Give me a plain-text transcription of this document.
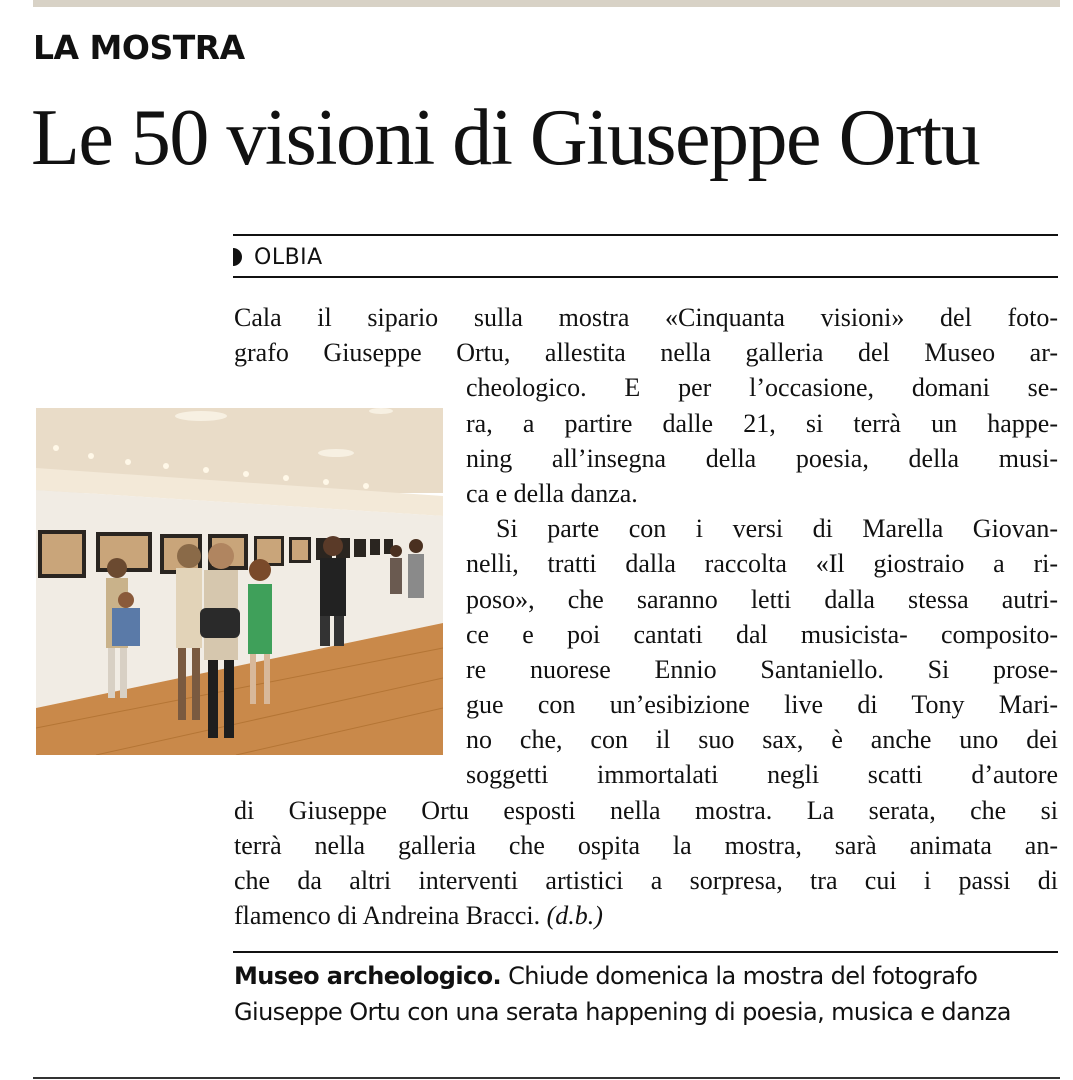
LA MOSTRA
Le 50 visioni di Giuseppe Ortu
OLBIA
Cala il sipario sulla mostra «Cinquanta visioni» del foto-
grafo Giuseppe Ortu, allestita nella galleria del Museo ar-
cheologico. E per l’occasione, domani se-
ra, a partire dalle 21, si terrà un happe-
ning all’insegna della poesia, della musi-
ca e della danza.
Si parte con i versi di Marella Giovan-
nelli, tratti dalla raccolta «Il giostraio a ri-
poso», che saranno letti dalla stessa autri-
ce e poi cantati dal musicista- composito-
re nuorese Ennio Santaniello. Si prose-
gue con un’esibizione live di Tony Mari-
no che, con il suo sax, è anche uno dei
soggetti immortalati negli scatti d’autore
di Giuseppe Ortu esposti nella mostra. La serata, che si
terrà nella galleria che ospita la mostra, sarà animata an-
che da altri interventi artistici a sorpresa, tra cui i passi di
flamenco di Andreina Bracci. (d.b.)
Museo archeologico. Chiude domenica la mostra del fotografo
Giuseppe Ortu con una serata happening di poesia, musica e danza
